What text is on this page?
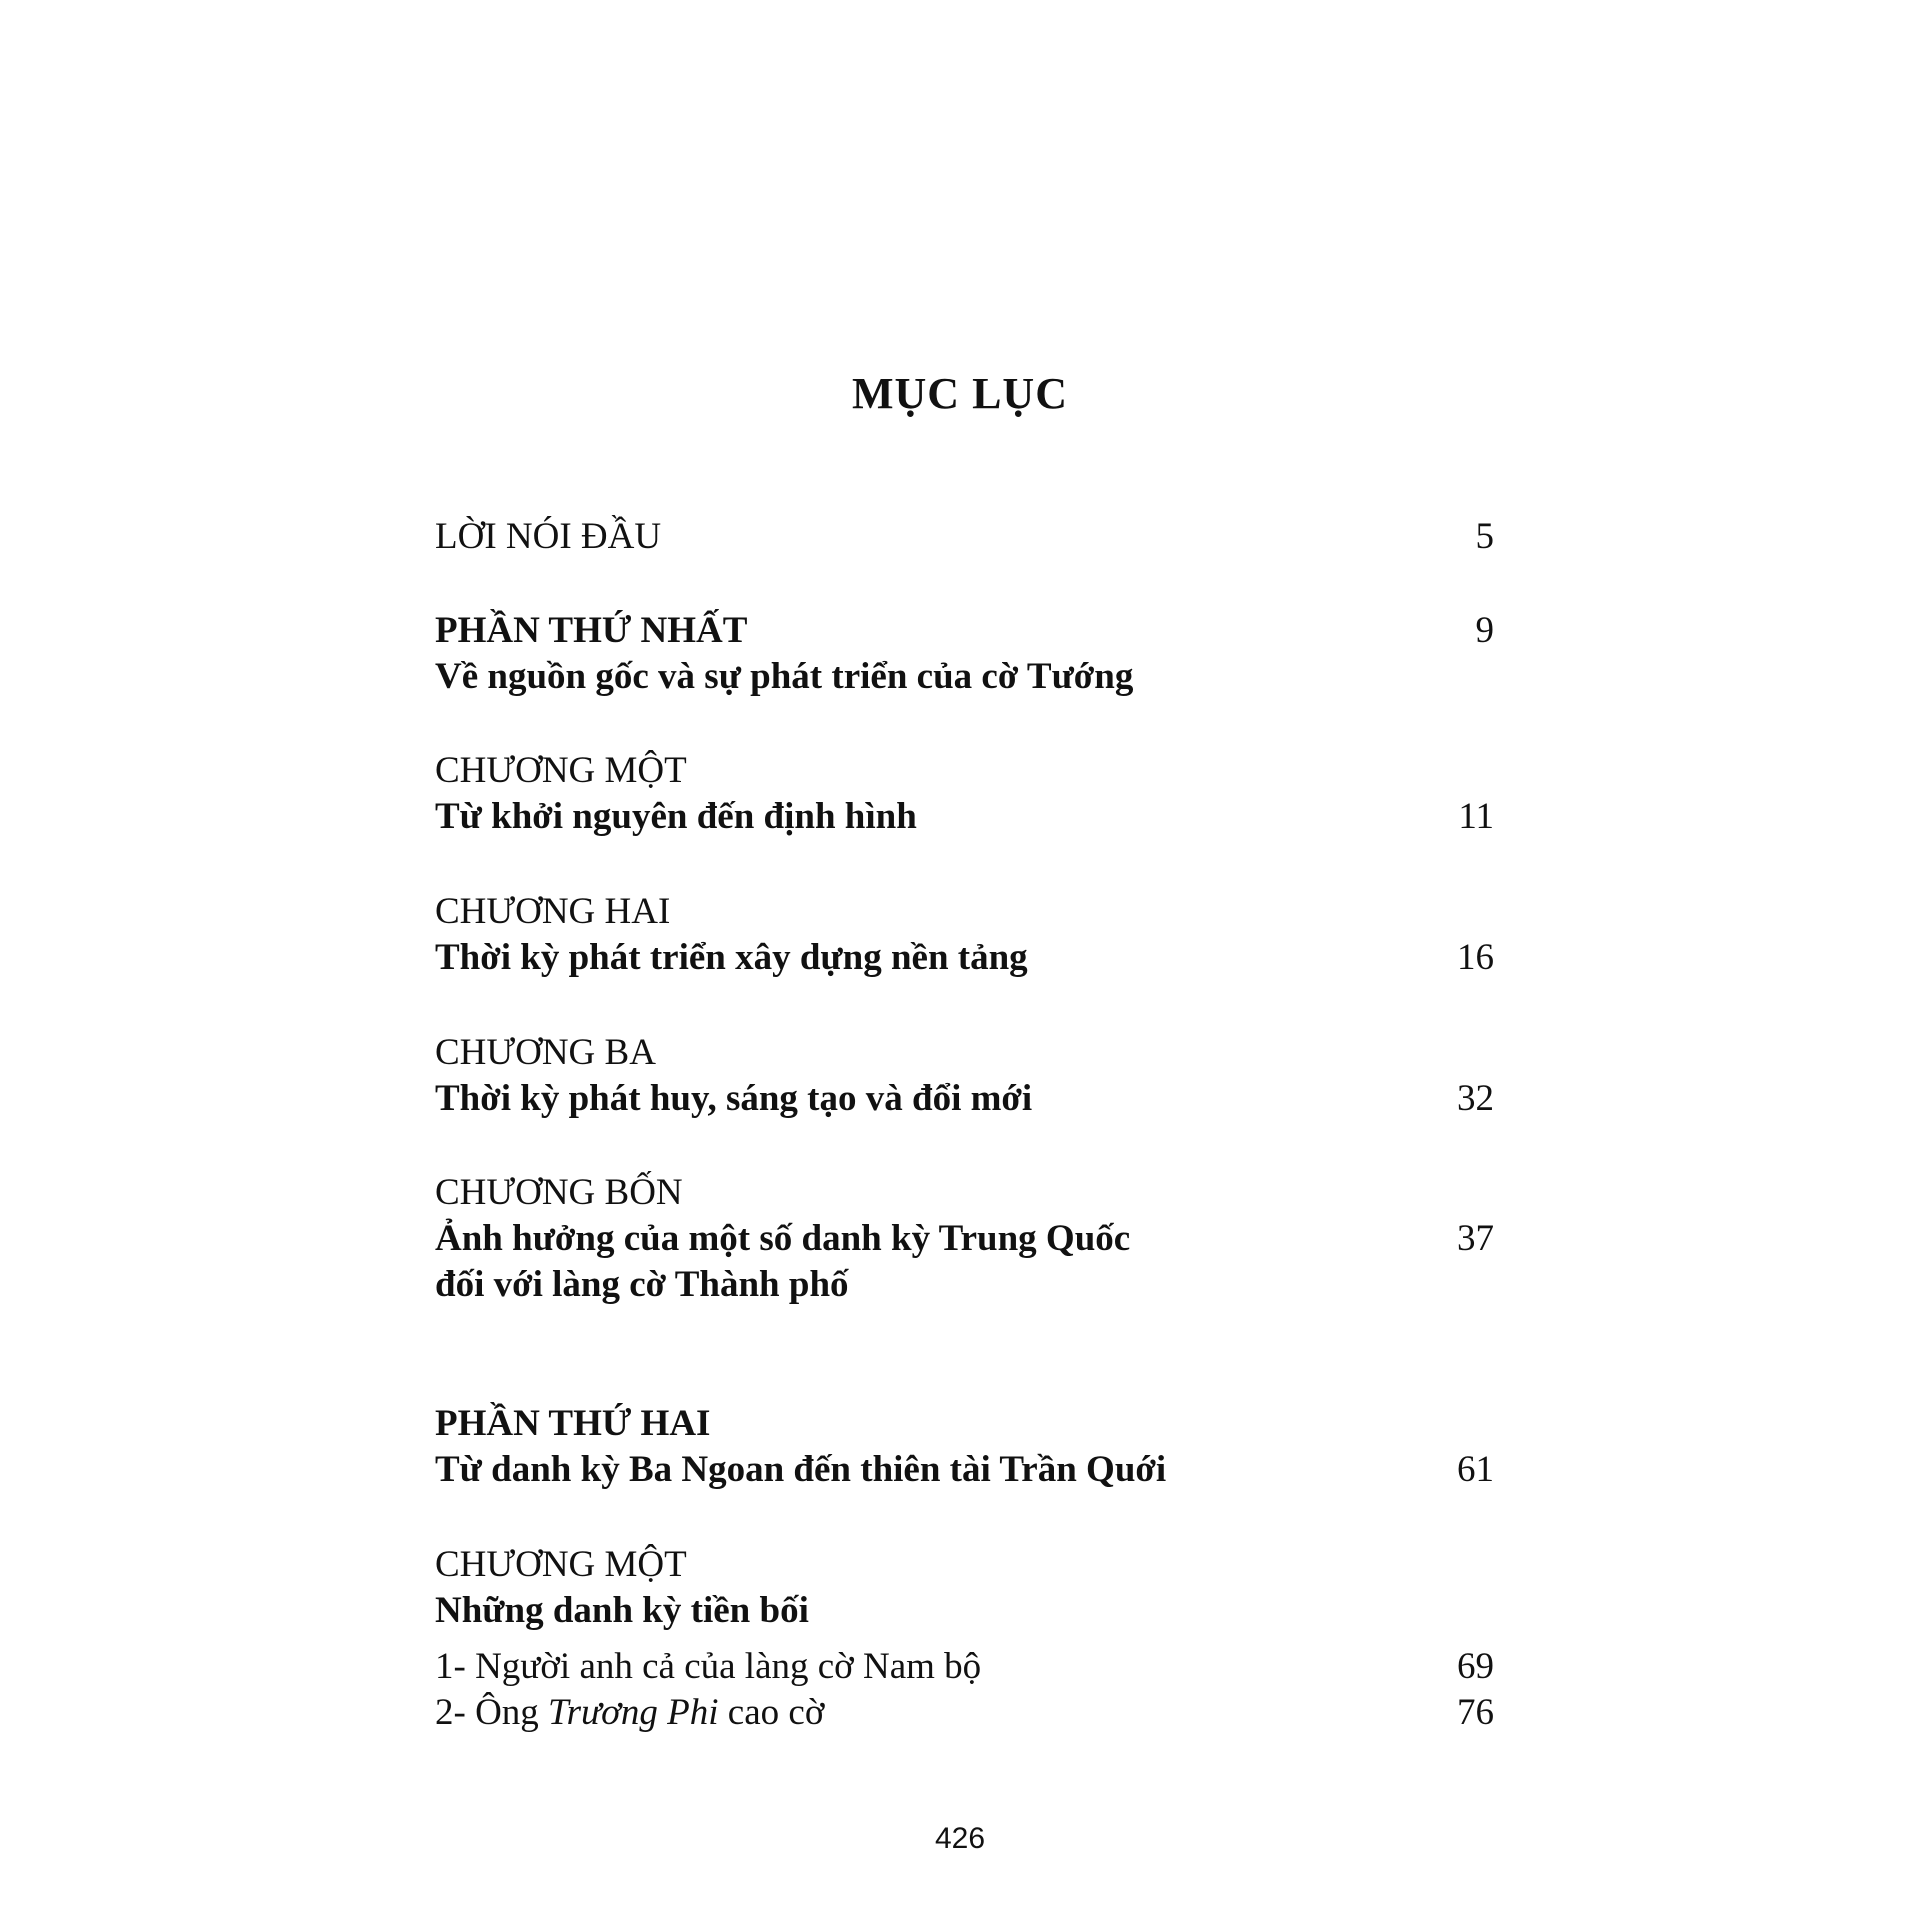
MỤC LỤC
LỜI NÓI ĐẦU	5
PHẦN THỨ NHẤT	9
Về nguồn gốc và sự phát triển của cờ Tướng
CHƯƠNG MỘT
Từ khởi nguyên đến định hình	11
CHƯƠNG HAI
Thời kỳ phát triển xây dựng nền tảng	16
CHƯƠNG BA
Thời kỳ phát huy, sáng tạo và đổi mới	32
CHƯƠNG BỐN
Ảnh hưởng của một số danh kỳ Trung Quốc	37
đối với làng cờ Thành phố
PHẦN THỨ HAI
Từ danh kỳ Ba Ngoan đến thiên tài Trần Quới	61
CHƯƠNG MỘT
Những danh kỳ tiền bối
1- Người anh cả của làng cờ Nam bộ	69
2- Ông Trương Phi cao cờ	76
426
